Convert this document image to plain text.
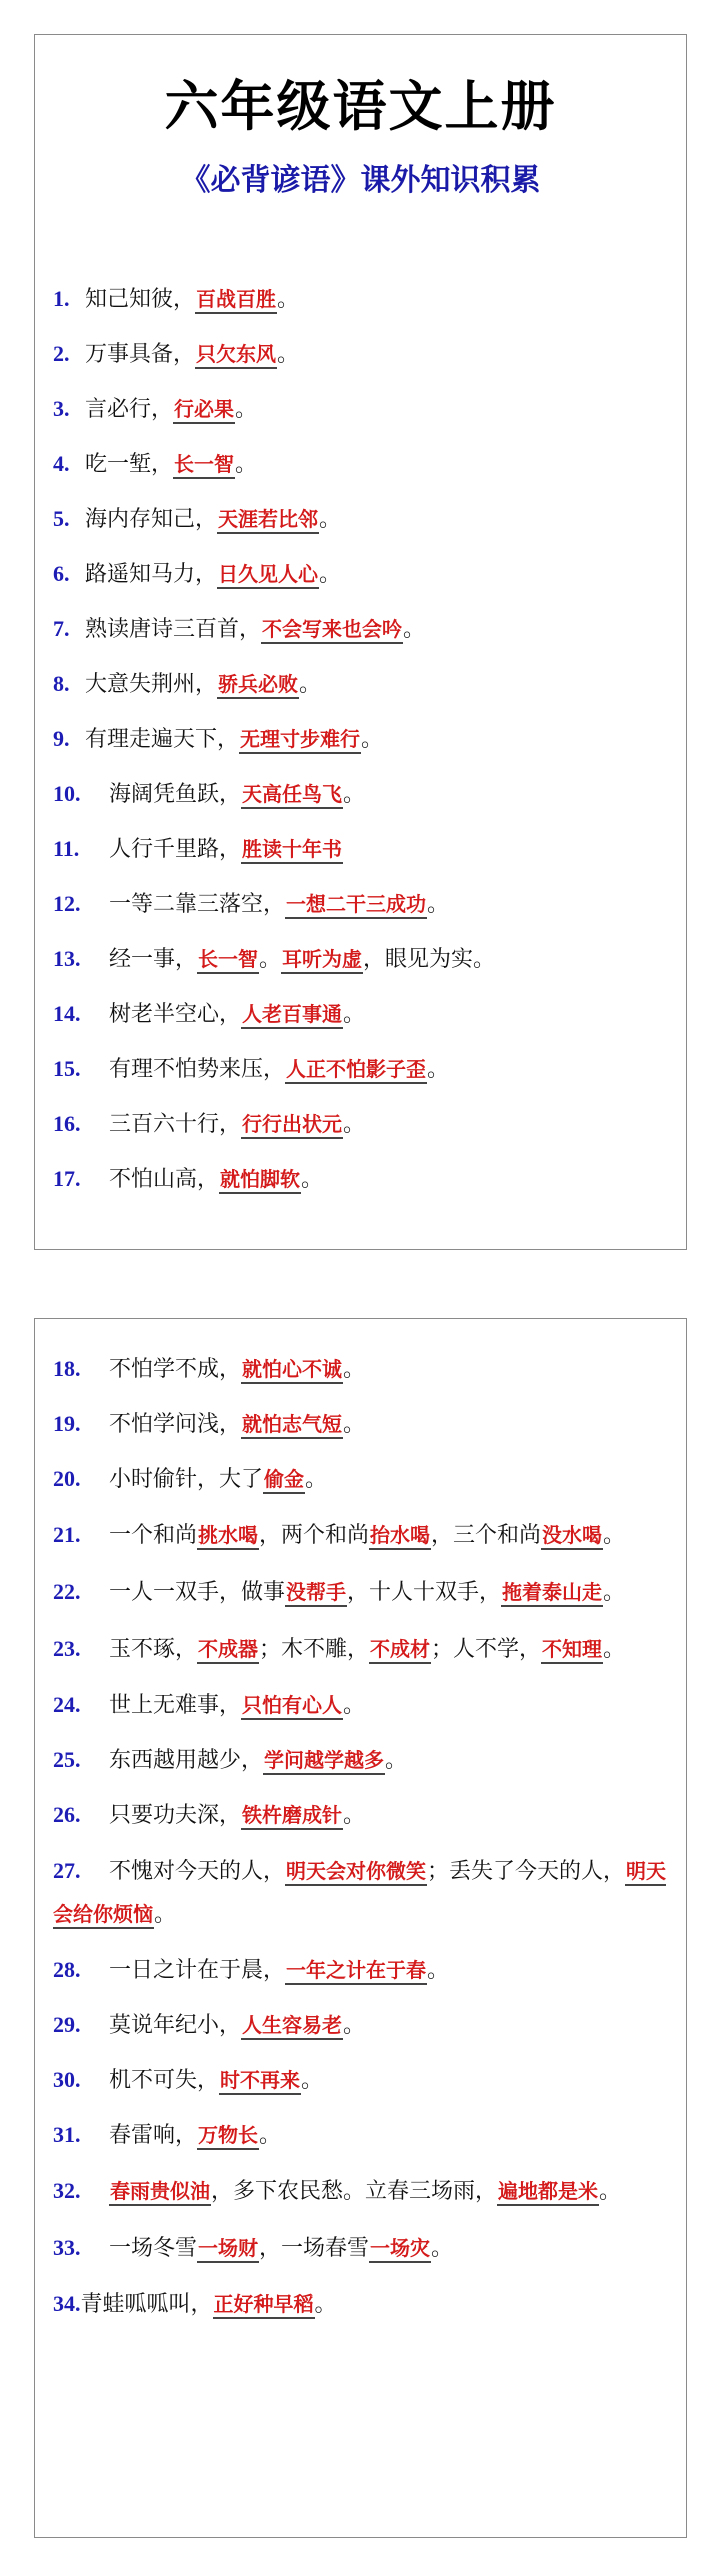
六年级语文上册
《必背谚语》课外知识积累
1. 知己知彼，百战百胜。
2. 万事具备，只欠东风。
3. 言必行，行必果。
4. 吃一堑，长一智。
5. 海内存知己，天涯若比邻。
6. 路遥知马力，日久见人心。
7. 熟读唐诗三百首，不会写来也会吟。
8. 大意失荆州，骄兵必败。
9. 有理走遍天下，无理寸步难行。
10. 海阔凭鱼跃，天高任鸟飞。
11. 人行千里路，胜读十年书
12. 一等二靠三落空，一想二干三成功。
13. 经一事，长一智。耳听为虚，眼见为实。
14. 树老半空心，人老百事通。
15. 有理不怕势来压，人正不怕影子歪。
16. 三百六十行，行行出状元。
17. 不怕山高，就怕脚软。
18. 不怕学不成，就怕心不诚。
19. 不怕学问浅，就怕志气短。
20. 小时偷针，大了偷金。
21. 一个和尚挑水喝，两个和尚抬水喝，三个和尚没水喝。
22. 一人一双手，做事没帮手，十人十双手，拖着泰山走。
23. 玉不琢，不成器；木不雕，不成材；人不学，不知理。
24. 世上无难事，只怕有心人。
25. 东西越用越少，学问越学越多。
26. 只要功夫深，铁杵磨成针。
27. 不愧对今天的人，明天会对你微笑；丢失了今天的人，明天会给你烦恼。
28. 一日之计在于晨，一年之计在于春。
29. 莫说年纪小，人生容易老。
30. 机不可失，时不再来。
31. 春雷响，万物长。
32. 春雨贵似油，多下农民愁。立春三场雨，遍地都是米。
33. 一场冬雪一场财，一场春雪一场灾。
34.青蛙呱呱叫，正好种早稻。
